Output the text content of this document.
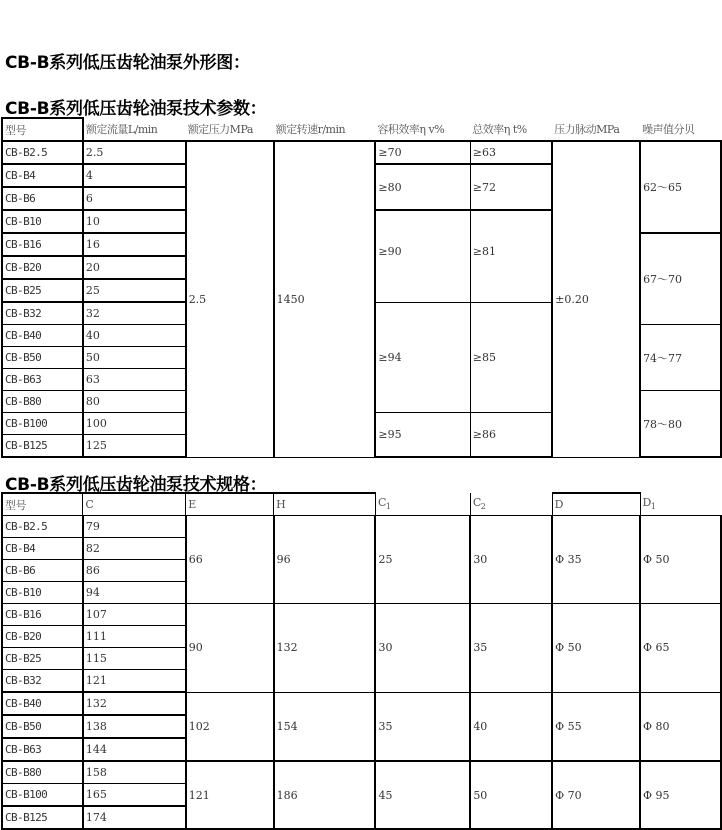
CB-B系列低压齿轮油泵外形图：
CB-B系列低压齿轮油泵技术参数：
型号	额定流量L/min	额定压力MPa	额定转速r/min	容积效率η v%	总效率η t%	压力脉动MPa	噪声值分贝
CB-B2.5	2.5	2.5	1450	≥70	≥63	±0.20	62～65
CB-B4	4			≥80	≥72		
CB-B6	6						
CB-B10	10			≥90	≥81		
CB-B16	16						67～70
CB-B20	20						
CB-B25	25						
CB-B32	32			≥94	≥85		
CB-B40	40						74～77
CB-B50	50						
CB-B63	63						
CB-B80	80						78～80
CB-B100	100			≥95	≥86		
CB-B125	125						
CB-B系列低压齿轮油泵技术规格：
型号	C	E	H	$C_1$	$C_2$	D	$D_1$
CB-B2.5	79	66	96	25	30	Φ 35	Φ 50
CB-B4	82						
CB-B6	86						
CB-B10	94						
CB-B16	107	90	132	30	35	Φ 50	Φ 65
CB-B20	111						
CB-B25	115						
CB-B32	121						
CB-B40	132	102	154	35	40	Φ 55	Φ 80
CB-B50	138						
CB-B63	144						
CB-B80	158	121	186	45	50	Φ 70	Φ 95
CB-B100	165						
CB-B125	174						
